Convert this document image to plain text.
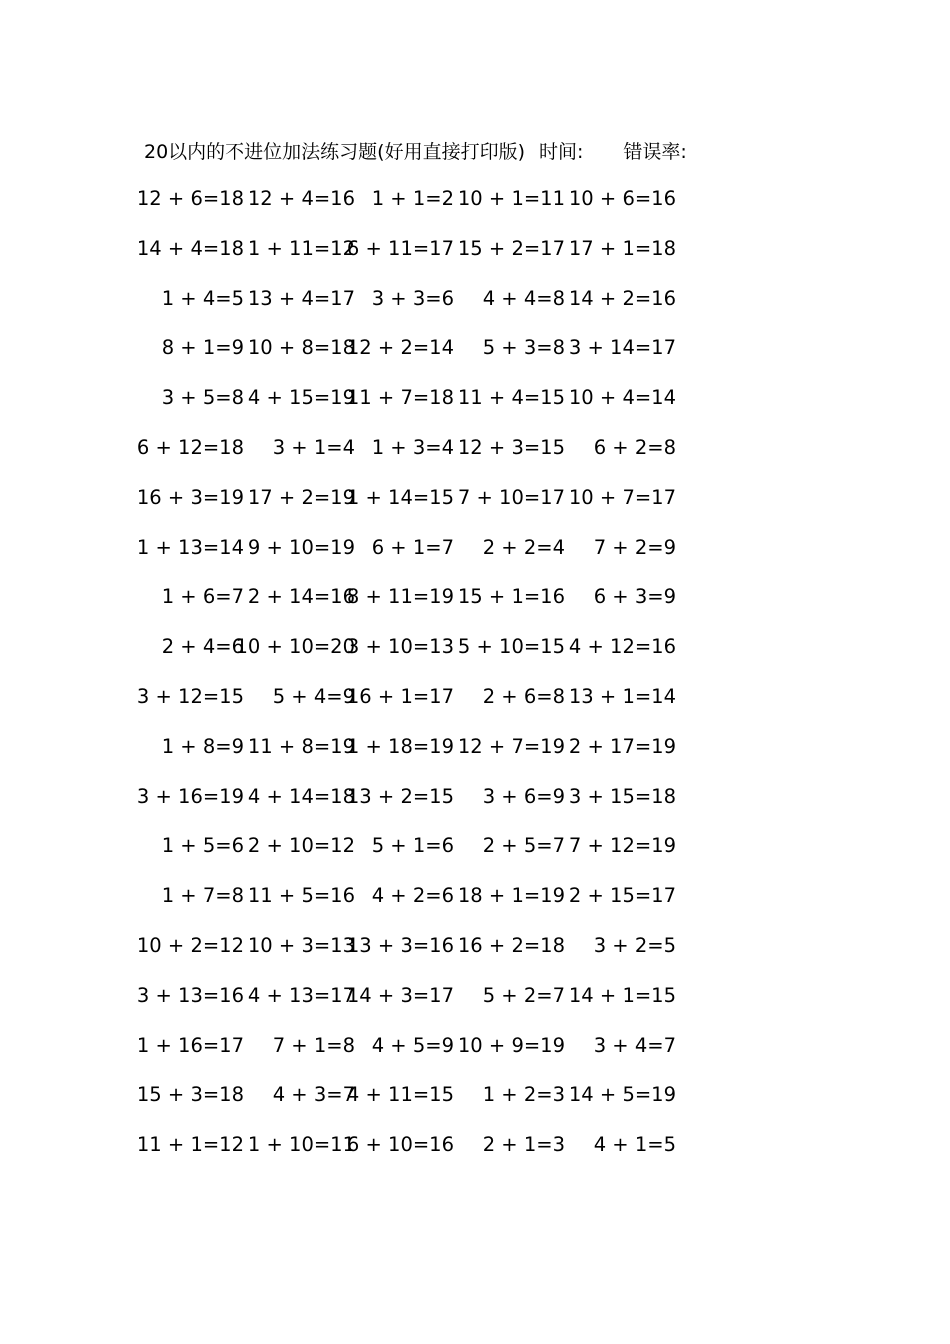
20以内的不进位加法练习题(好用直接打印版) 时间: 错误率:
12 + 6=18 12 + 4=16 1 + 1=2 10 + 1=11 10 + 6=16
14 + 4=18 1 + 11=12
6 + 11=17 15 + 2=17 17 + 1=18
1 + 4=5 13 + 4=17 3 + 3=6 4 + 4=8 14 + 2=16
8 + 1=9 10 + 8=18
12 + 2=14 5 + 3=8 3 + 14=17
3 + 5=8 4 + 15=19
11 + 7=18 11 + 4=15 10 + 4=14
6 + 12=18 3 + 1=4 1 + 3=4 12 + 3=15 6 + 2=8
16 + 3=19 17 + 2=19
1 + 14=15 7 + 10=17 10 + 7=17
1 + 13=14 9 + 10=19 6 + 1=7 2 + 2=4 7 + 2=9
1 + 6=7 2 + 14=16
8 + 11=19 15 + 1=16 6 + 3=9
2 + 4=6
10 + 10=20
3 + 10=13 5 + 10=15 4 + 12=16
3 + 12=15 5 + 4=9
16 + 1=17 2 + 6=8 13 + 1=14
1 + 8=9 11 + 8=19
1 + 18=19 12 + 7=19 2 + 17=19
3 + 16=19 4 + 14=18
13 + 2=15 3 + 6=9 3 + 15=18
1 + 5=6 2 + 10=12 5 + 1=6 2 + 5=7 7 + 12=19
1 + 7=8 11 + 5=16 4 + 2=6 18 + 1=19 2 + 15=17
10 + 2=12 10 + 3=13
13 + 3=16 16 + 2=18 3 + 2=5
3 + 13=16 4 + 13=17
14 + 3=17 5 + 2=7 14 + 1=15
1 + 16=17 7 + 1=8 4 + 5=9 10 + 9=19 3 + 4=7
15 + 3=18 4 + 3=7
4 + 11=15 1 + 2=3 14 + 5=19
11 + 1=12 1 + 10=11
6 + 10=16 2 + 1=3 4 + 1=5
